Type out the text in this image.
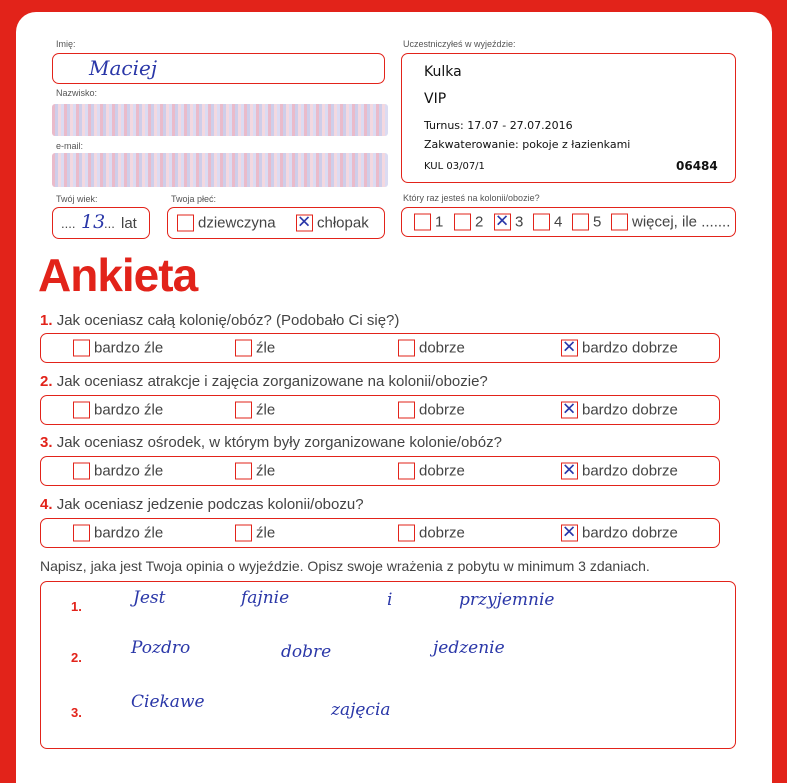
Imię:
Maciej
Nazwisko:
e-mail:
Twój wiek:
.... 13
... lat
Twoja płeć:
dziewczyna ✕	chłopak
Uczestniczyłeś w wyjeździe:
Kulka
VIP
Turnus: 17.07 - 27.07.2016
Zakwaterowanie: pokoje z łazienkami
KUL 03/07/1	06484
Który raz jesteś na kolonii/obozie?
1 2 ✕ 3 4 5 więcej, ile .......
Ankieta
1. Jak oceniasz całą kolonię/obóz? (Podobało Ci się?)
bardzo źle	źle	dobrze ✕	bardzo dobrze
2. Jak oceniasz atrakcje i zajęcia zorganizowane na kolonii/obozie?
bardzo źle	źle	dobrze ✕	bardzo dobrze
3. Jak oceniasz ośrodek, w którym były zorganizowane kolonie/obóz?
bardzo źle	źle	dobrze ✕	bardzo dobrze
4. Jak oceniasz jedzenie podczas kolonii/obozu?
bardzo źle	źle	dobrze ✕	bardzo dobrze
Napisz, jaka jest Twoja opinia o wyjeździe. Opisz swoje wrażenia z pobytu w minimum 3 zdaniach.
1.	Jest	fajnie	i	przyjemnie
2.	Pozdro	dobre	jedzenie
3.
Ciekawe	zajęcia
